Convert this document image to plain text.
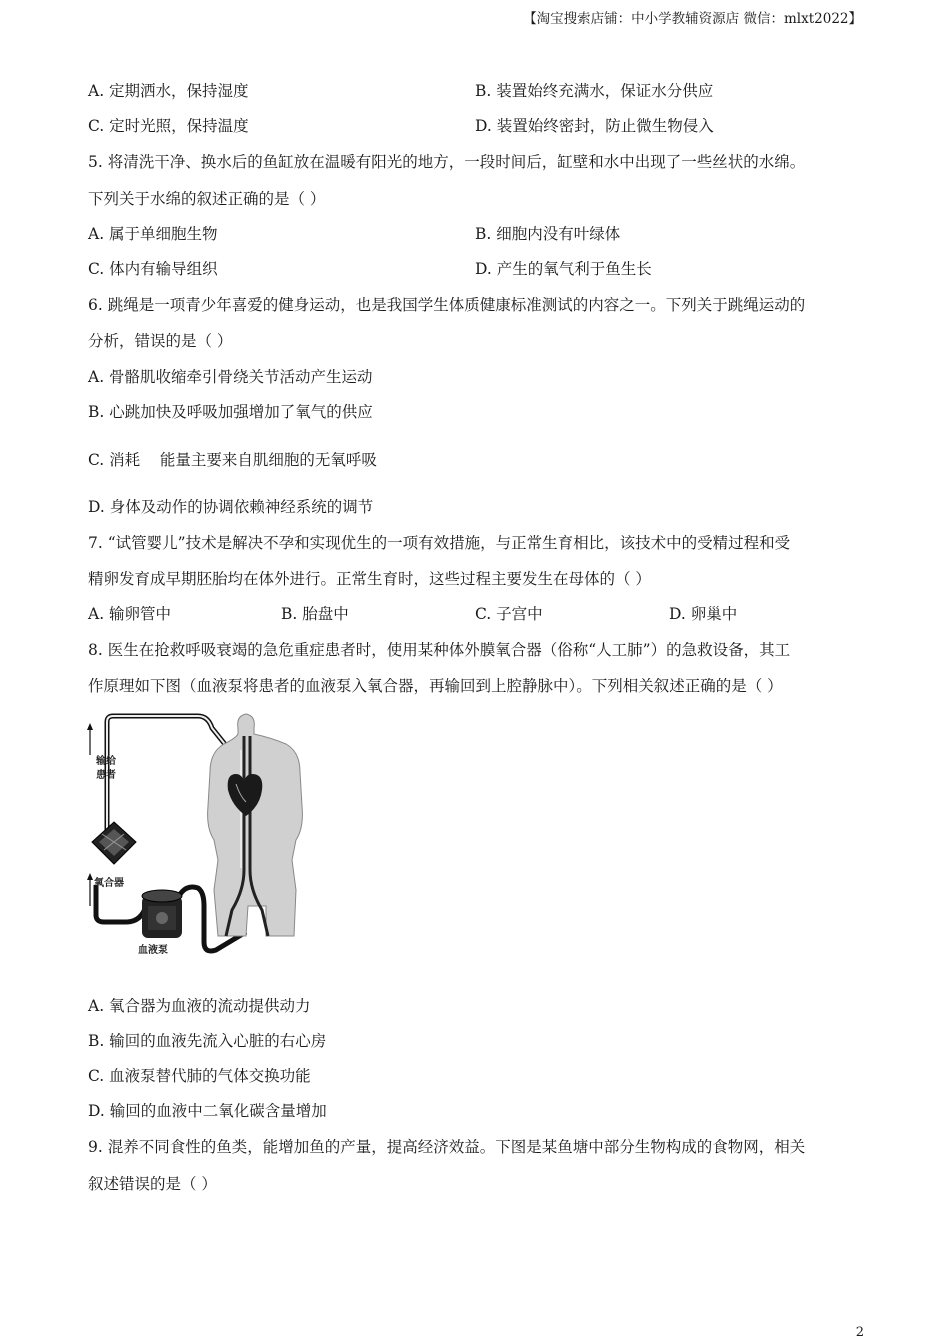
【淘宝搜索店铺：中小学教辅资源店 微信：mlxt2022】
A. 定期洒水，保持湿度	B. 装置始终充满水，保证水分供应
C. 定时光照，保持温度	D. 装置始终密封，防止微生物侵入
5. 将清洗干净、换水后的鱼缸放在温暖有阳光的地方，一段时间后，缸壁和水中出现了一些丝状的水绵。
下列关于水绵的叙述正确的是（ ）
A. 属于单细胞生物	B. 细胞内没有叶绿体
C. 体内有输导组织	D. 产生的氧气利于鱼生长
6. 跳绳是一项青少年喜爱的健身运动，也是我国学生体质健康标准测试的内容之一。下列关于跳绳运动的
分析，错误的是（ ）
A. 骨骼肌收缩牵引骨绕关节活动产生运动
B. 心跳加快及呼吸加强增加了氧气的供应
C. 消耗    能量主要来自肌细胞的无氧呼吸
D. 身体及动作的协调依赖神经系统的调节
7. “试管婴儿”技术是解决不孕和实现优生的一项有效措施，与正常生育相比，该技术中的受精过程和受
精卵发育成早期胚胎均在体外进行。正常生育时，这些过程主要发生在母体的（ ）
A. 输卵管中	B. 胎盘中	C. 子宫中	D. 卵巢中
8. 医生在抢救呼吸衰竭的急危重症患者时，使用某种体外膜氧合器（俗称“人工肺”）的急救设备，其工
作原理如下图（血液泵将患者的血液泵入氧合器，再输回到上腔静脉中）。下列相关叙述正确的是（ ）
输给
患者
氧合器
血液泵
A. 氧合器为血液的流动提供动力
B. 输回的血液先流入心脏的右心房
C. 血液泵替代肺的气体交换功能
D. 输回的血液中二氧化碳含量增加
9. 混养不同食性的鱼类，能增加鱼的产量，提高经济效益。下图是某鱼塘中部分生物构成的食物网，相关
叙述错误的是（ ）
2
